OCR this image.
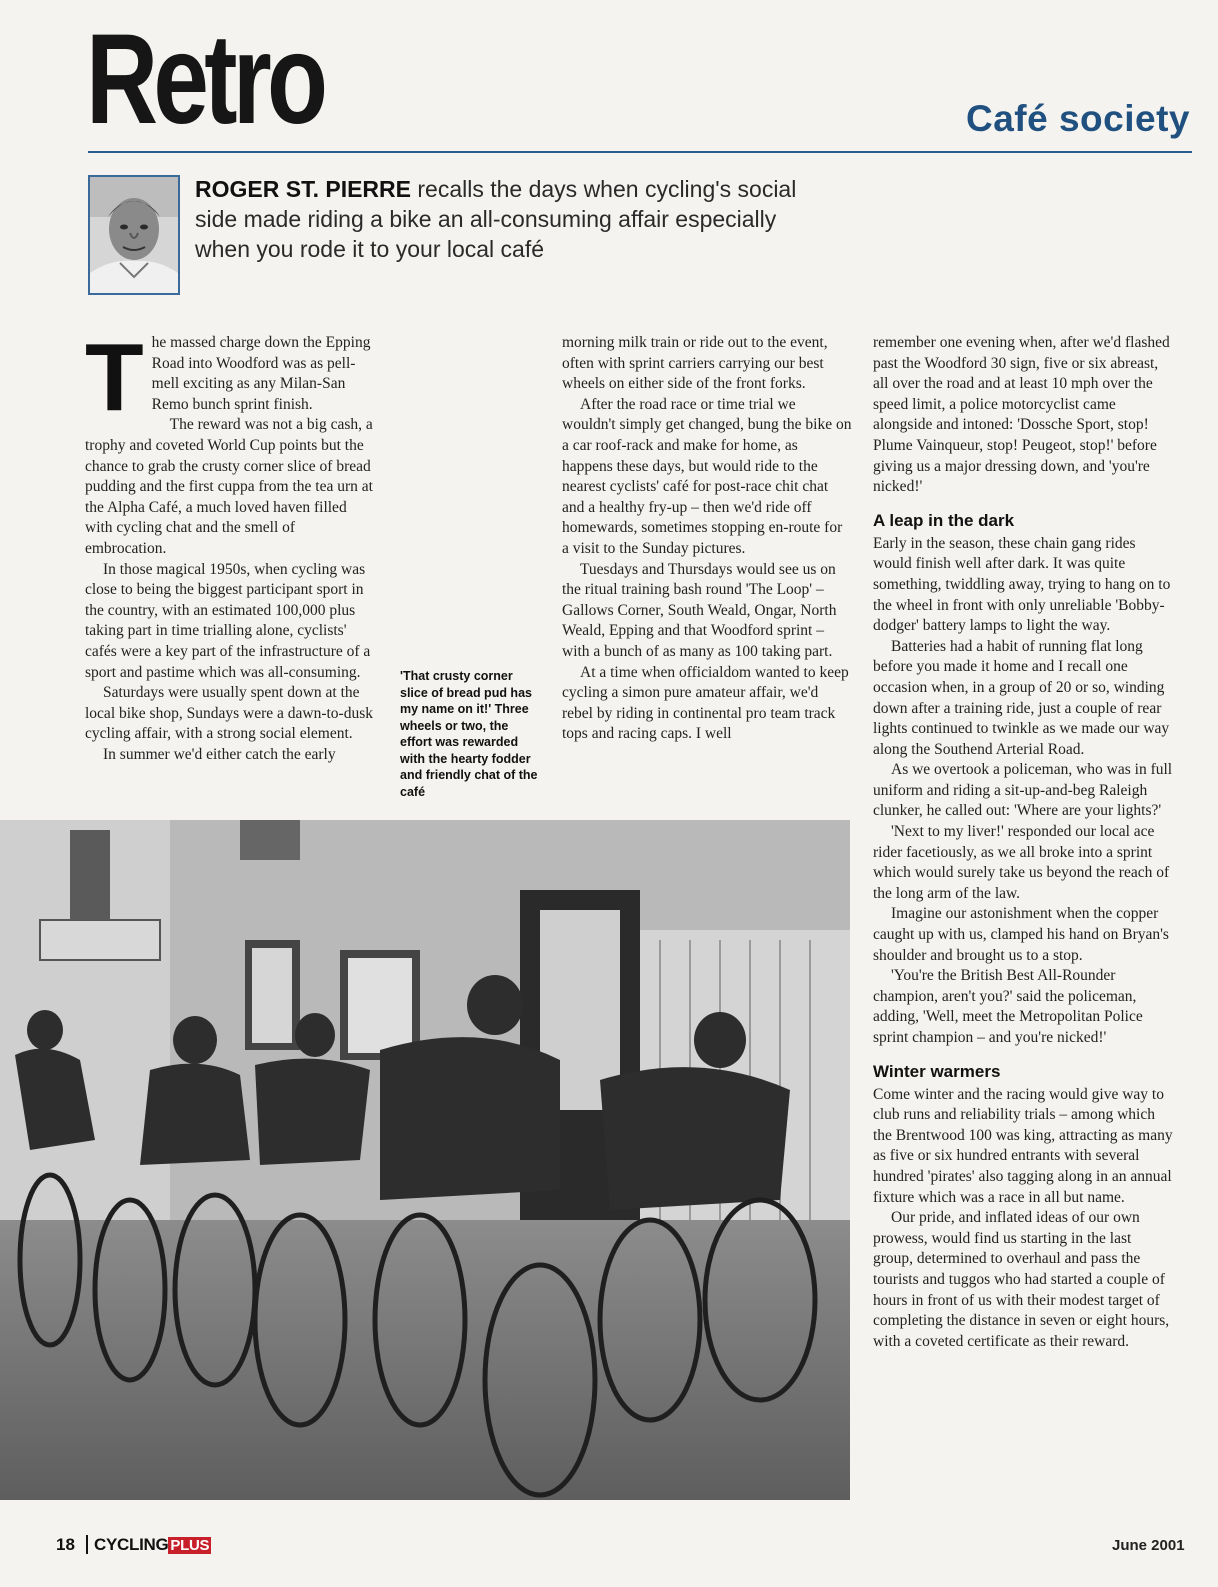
Retro	Café society
ROGER ST. PIERRE recalls the days when cycling's social side made riding a bike an all-consuming affair especially when you rode it to your local café
T he massed charge down the Epping Road into Woodford was as pell-mell exciting as any Milan-San Remo bunch sprint finish.

The reward was not a big cash, a trophy and coveted World Cup points but the chance to grab the crusty corner slice of bread pudding and the first cuppa from the tea urn at the Alpha Café, a much loved haven filled with cycling chat and the smell of embrocation.

In those magical 1950s, when cycling was close to being the biggest participant sport in the country, with an estimated 100,000 plus taking part in time trialling alone, cyclists' cafés were a key part of the infrastructure of a sport and pastime which was all-consuming.

Saturdays were usually spent down at the local bike shop, Sundays were a dawn-to-dusk cycling affair, with a strong social element.

In summer we'd either catch the early

'That crusty corner slice of bread pud has my name on it!' Three wheels or two, the effort was rewarded with the hearty fodder and friendly chat of the café

morning milk train or ride out to the event, often with sprint carriers carrying our best wheels on either side of the front forks.

After the road race or time trial we wouldn't simply get changed, bung the bike on a car roof-rack and make for home, as happens these days, but would ride to the nearest cyclists' café for post-race chit chat and a healthy fry-up – then we'd ride off homewards, sometimes stopping en-route for a visit to the Sunday pictures.

Tuesdays and Thursdays would see us on the ritual training bash round 'The Loop' – Gallows Corner, South Weald, Ongar, North Weald, Epping and that Woodford sprint – with a bunch of as many as 100 taking part.

At a time when officialdom wanted to keep cycling a simon pure amateur affair, we'd rebel by riding in continental pro team track tops and racing caps. I well

remember one evening when, after we'd flashed past the Woodford 30 sign, five or six abreast, all over the road and at least 10 mph over the speed limit, a police motorcyclist came alongside and intoned: 'Dossche Sport, stop! Plume Vainqueur, stop! Peugeot, stop!' before giving us a major dressing down, and 'you're nicked!'

A leap in the dark

Early in the season, these chain gang rides would finish well after dark. It was quite something, twiddling away, trying to hang on to the wheel in front with only unreliable 'Bobby-dodger' battery lamps to light the way.

Batteries had a habit of running flat long before you made it home and I recall one occasion when, in a group of 20 or so, winding down after a training ride, just a couple of rear lights continued to twinkle as we made our way along the Southend Arterial Road.

As we overtook a policeman, who was in full uniform and riding a sit-up-and-beg Raleigh clunker, he called out: 'Where are your lights?'

'Next to my liver!' responded our local ace rider facetiously, as we all broke into a sprint which would surely take us beyond the reach of the long arm of the law.

Imagine our astonishment when the copper caught up with us, clamped his hand on Bryan's shoulder and brought us to a stop.

'You're the British Best All-Rounder champion, aren't you?' said the policeman, adding, 'Well, meet the Metropolitan Police sprint champion – and you're nicked!'

Winter warmers

Come winter and the racing would give way to club runs and reliability trials – among which the Brentwood 100 was king, attracting as many as five or six hundred entrants with several hundred 'pirates' also tagging along in an annual fixture which was a race in all but name.

Our pride, and inflated ideas of our own prowess, would find us starting in the last group, determined to overhaul and pass the tourists and tuggos who had started a couple of hours in front of us with their modest target of completing the distance in seven or eight hours, with a coveted certificate as their reward.

18	CYCLING PLUS	June 2001
